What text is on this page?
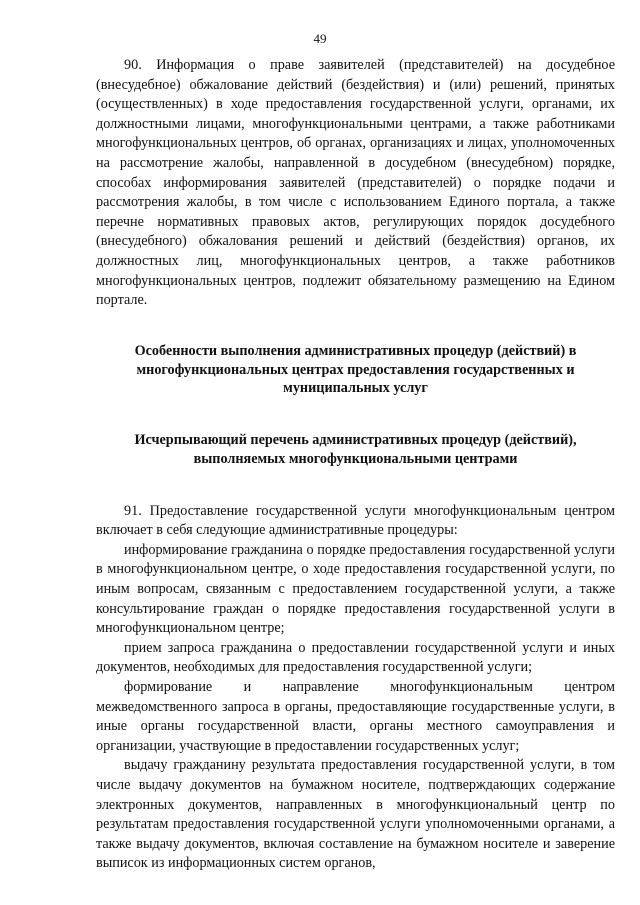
49

90. Информация о праве заявителей (представителей) на досудебное (внесудебное) обжалование действий (бездействия) и (или) решений, принятых (осуществленных) в ходе предоставления государственной услуги, органами, их должностными лицами, многофункциональными центрами, а также работниками многофункциональных центров, об органах, организациях и лицах, уполномоченных на рассмотрение жалобы, направленной в досудебном (внесудебном) порядке, способах информирования заявителей (представителей) о порядке подачи и рассмотрения жалобы, в том числе с использованием Единого портала, а также перечне нормативных правовых актов, регулирующих порядок досудебного (внесудебного) обжалования решений и действий (бездействия) органов, их должностных лиц, многофункциональных центров, а также работников многофункциональных центров, подлежит обязательному размещению на Едином портале.

Особенности выполнения административных процедур (действий) в многофункциональных центрах предоставления государственных и муниципальных услуг

Исчерпывающий перечень административных процедур (действий), выполняемых многофункциональными центрами

91. Предоставление государственной услуги многофункциональным центром включает в себя следующие административные процедуры:

информирование гражданина о порядке предоставления государственной услуги в многофункциональном центре, о ходе предоставления государственной услуги, по иным вопросам, связанным с предоставлением государственной услуги, а также консультирование граждан о порядке предоставления государственной услуги в многофункциональном центре;

прием запроса гражданина о предоставлении государственной услуги и иных документов, необходимых для предоставления государственной услуги;

формирование и направление многофункциональным центром межведомственного запроса в органы, предоставляющие государственные услуги, в иные органы государственной власти, органы местного самоуправления и организации, участвующие в предоставлении государственных услуг;

выдачу гражданину результата предоставления государственной услуги, в том числе выдачу документов на бумажном носителе, подтверждающих содержание электронных документов, направленных в многофункциональный центр по результатам предоставления государственной услуги уполномоченными органами, а также выдачу документов, включая составление на бумажном носителе и заверение выписок из информационных систем органов,
